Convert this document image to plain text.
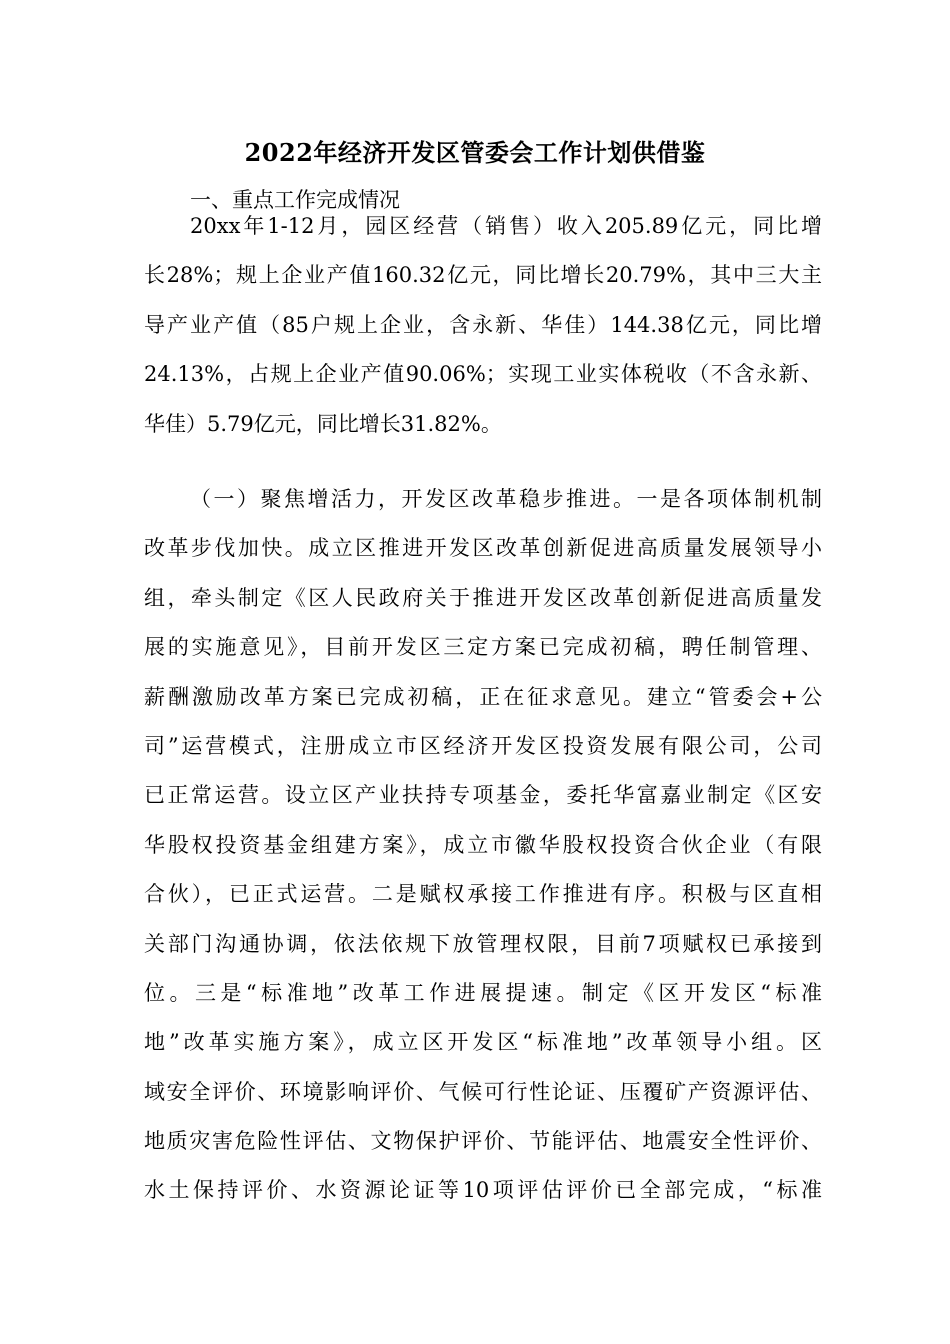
2022年经济开发区管委会工作计划供借鉴
一、重点工作完成情况
20xx年1-12月，园区经营（销售）收入205.89亿元，同比增
长28%；规上企业产值160.32亿元，同比增长20.79%，其中三大主
导产业产值（85户规上企业，含永新、华佳）144.38亿元，同比增
24.13%，占规上企业产值90.06%；实现工业实体税收（不含永新、
华佳）5.79亿元，同比增长31.82%。
（一）聚焦增活力，开发区改革稳步推进。一是各项体制机制
改革步伐加快。成立区推进开发区改革创新促进高质量发展领导小
组，牵头制定《区人民政府关于推进开发区改革创新促进高质量发
展的实施意见》，目前开发区三定方案已完成初稿，聘任制管理、
薪酬激励改革方案已完成初稿，正在征求意见。建立“管委会+公
司”运营模式，注册成立市区经济开发区投资发展有限公司，公司
已正常运营。设立区产业扶持专项基金，委托华富嘉业制定《区安
华股权投资基金组建方案》，成立市徽华股权投资合伙企业（有限
合伙），已正式运营。二是赋权承接工作推进有序。积极与区直相
关部门沟通协调，依法依规下放管理权限，目前7项赋权已承接到
位。三是“标准地”改革工作进展提速。制定《区开发区“标准
地”改革实施方案》，成立区开发区“标准地”改革领导小组。区
域安全评价、环境影响评价、气候可行性论证、压覆矿产资源评估、
地质灾害危险性评估、文物保护评价、节能评估、地震安全性评价、
水土保持评价、水资源论证等10项评估评价已全部完成，“标准
